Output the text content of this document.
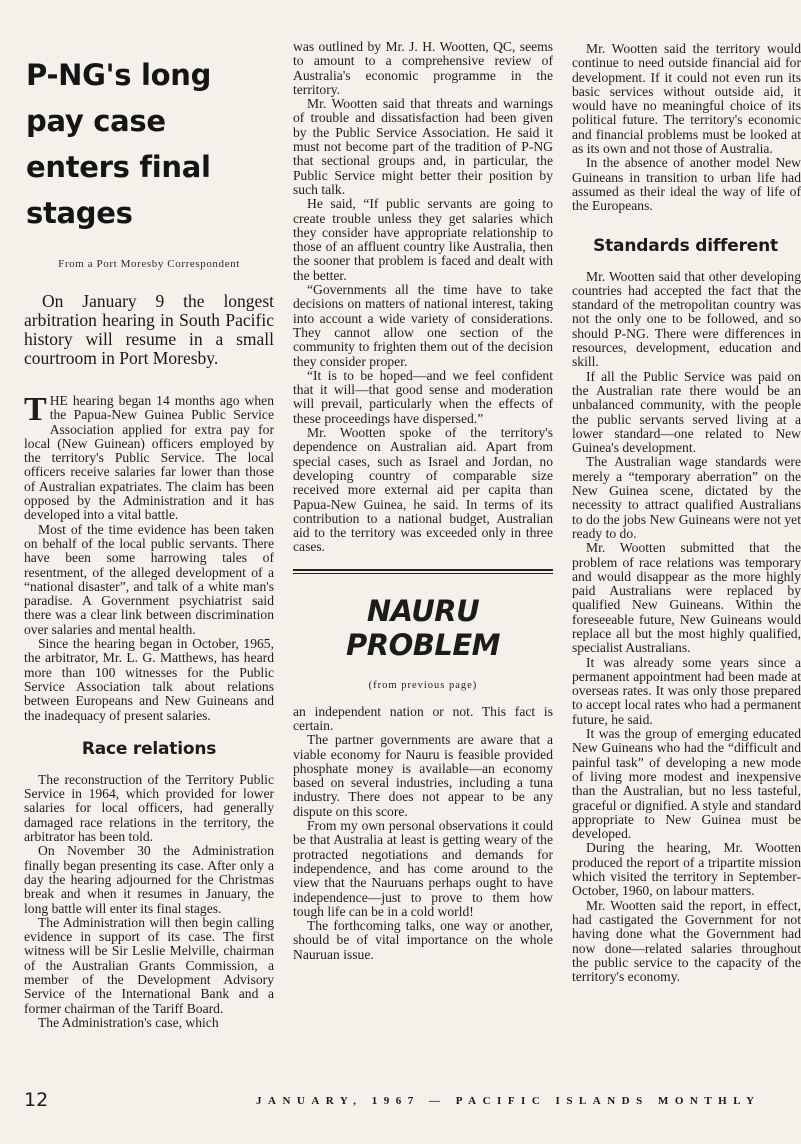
P-NG's long pay case enters final stages
From a Port Moresby Correspondent
On January 9 the longest arbitration hearing in South Pacific history will resume in a small courtroom in Port Moresby.

THE hearing began 14 months ago when the Papua-New Guinea Public Service Association applied for extra pay for local (New Guinean) officers employed by the territory's Public Service. The local officers receive salaries far lower than those of Australian expatriates. The claim has been opposed by the Administration and it has developed into a vital battle.

Most of the time evidence has been taken on behalf of the local public servants. There have been some harrowing tales of resentment, of the alleged development of a “national disaster”, and talk of a white man's paradise. A Government psychiatrist said there was a clear link between discrimination over salaries and mental health.

Since the hearing began in October, 1965, the arbitrator, Mr. L. G. Matthews, has heard more than 100 witnesses for the Public Service Association talk about relations between Europeans and New Guineans and the inadequacy of present salaries.

Race relations

The reconstruction of the Territory Public Service in 1964, which provided for lower salaries for local officers, had generally damaged race relations in the territory, the arbitrator has been told.

On November 30 the Administration finally began presenting its case. After only a day the hearing adjourned for the Christmas break and when it resumes in January, the long battle will enter its final stages.

The Administration will then begin calling evidence in support of its case. The first witness will be Sir Leslie Melville, chairman of the Australian Grants Commission, a member of the Development Advisory Service of the International Bank and a former chairman of the Tariff Board.

The Administration's case, which

was outlined by Mr. J. H. Wootten, QC, seems to amount to a comprehensive review of Australia's economic programme in the territory.

Mr. Wootten said that threats and warnings of trouble and dissatisfaction had been given by the Public Service Association. He said it must not become part of the tradition of P-NG that sectional groups and, in particular, the Public Service might better their position by such talk.

He said, “If public servants are going to create trouble unless they get salaries which they consider have appropriate relationship to those of an affluent country like Australia, then the sooner that problem is faced and dealt with the better.

“Governments all the time have to take decisions on matters of national interest, taking into account a wide variety of considerations. They cannot allow one section of the community to frighten them out of the decision they consider proper.

“It is to be hoped—and we feel confident that it will—that good sense and moderation will prevail, particularly when the effects of these proceedings have dispersed.”

Mr. Wootten spoke of the territory's dependence on Australian aid. Apart from special cases, such as Israel and Jordan, no developing country of comparable size received more external aid per capita than Papua-New Guinea, he said. In terms of its contribution to a national budget, Australian aid to the territory was exceeded only in three cases.

NAURU PROBLEM
(from previous page)

an independent nation or not. This fact is certain.

The partner governments are aware that a viable economy for Nauru is feasible provided phosphate money is available—an economy based on several industries, including a tuna industry. There does not appear to be any dispute on this score.

From my own personal observations it could be that Australia at least is getting weary of the protracted negotiations and demands for independence, and has come around to the view that the Nauruans perhaps ought to have independence—just to prove to them how tough life can be in a cold world!

The forthcoming talks, one way or another, should be of vital importance on the whole Nauruan issue.

Mr. Wootten said the territory would continue to need outside financial aid for development. If it could not even run its basic services without outside aid, it would have no meaningful choice of its political future. The territory's economic and financial problems must be looked at as its own and not those of Australia.

In the absence of another model New Guineans in transition to urban life had assumed as their ideal the way of life of the Europeans.

Standards different

Mr. Wootten said that other developing countries had accepted the fact that the standard of the metropolitan country was not the only one to be followed, and so should P-NG. There were differences in resources, development, education and skill.

If all the Public Service was paid on the Australian rate there would be an unbalanced community, with the people the public servants served living at a lower standard—one related to New Guinea's development.

The Australian wage standards were merely a “temporary aberration” on the New Guinea scene, dictated by the necessity to attract qualified Australians to do the jobs New Guineans were not yet ready to do.

Mr. Wootten submitted that the problem of race relations was temporary and would disappear as the more highly paid Australians were replaced by qualified New Guineans. Within the foreseeable future, New Guineans would replace all but the most highly qualified, specialist Australians.

It was already some years since a permanent appointment had been made at overseas rates. It was only those prepared to accept local rates who had a permanent future, he said.

It was the group of emerging educated New Guineans who had the “difficult and painful task” of developing a new mode of living more modest and inexpensive than the Australian, but no less tasteful, graceful or dignified. A style and standard appropriate to New Guinea must be developed.

During the hearing, Mr. Wootten produced the report of a tripartite mission which visited the territory in September-October, 1960, on labour matters.

Mr. Wootten said the report, in effect, had castigated the Government for not having done what the Government had now done—related salaries throughout the public service to the capacity of the territory's economy.

12	JANUARY, 1967 — PACIFIC ISLANDS MONTHLY
